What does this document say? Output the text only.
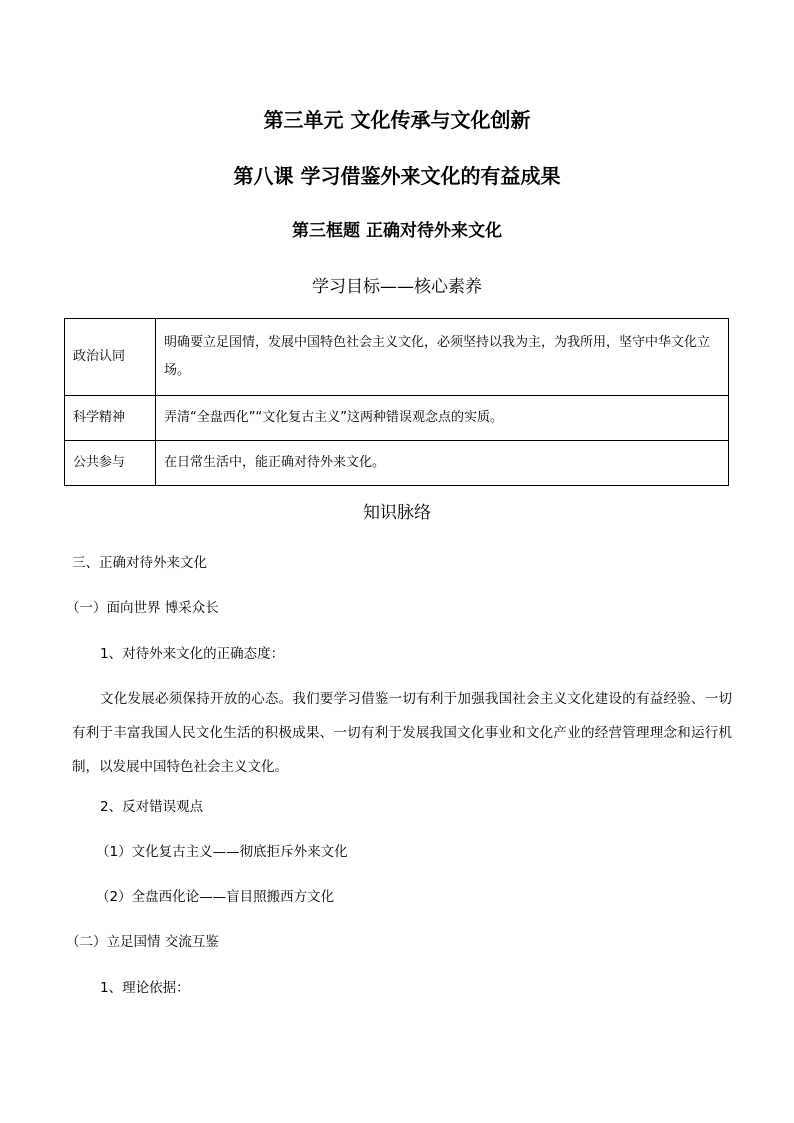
第三单元 文化传承与文化创新
第八课 学习借鉴外来文化的有益成果
第三框题 正确对待外来文化
学习目标——核心素养
政治认同	明确要立足国情，发展中国特色社会主义文化，必须坚持以我为主，为我所用，坚守中华文化立场。
科学精神	弄清“全盘西化”“文化复古主义”这两种错误观念点的实质。
公共参与	在日常生活中，能正确对待外来文化。
知识脉络
三、正确对待外来文化
（一）面向世界 博采众长
1、对待外来文化的正确态度：
文化发展必须保持开放的心态。我们要学习借鉴一切有利于加强我国社会主义文化建设的有益经验、一切有利于丰富我国人民文化生活的积极成果、一切有利于发展我国文化事业和文化产业的经营管理理念和运行机制，以发展中国特色社会主义文化。
2、反对错误观点
（1）文化复古主义——彻底拒斥外来文化
（2）全盘西化论——盲目照搬西方文化
（二）立足国情 交流互鉴
1、理论依据：
